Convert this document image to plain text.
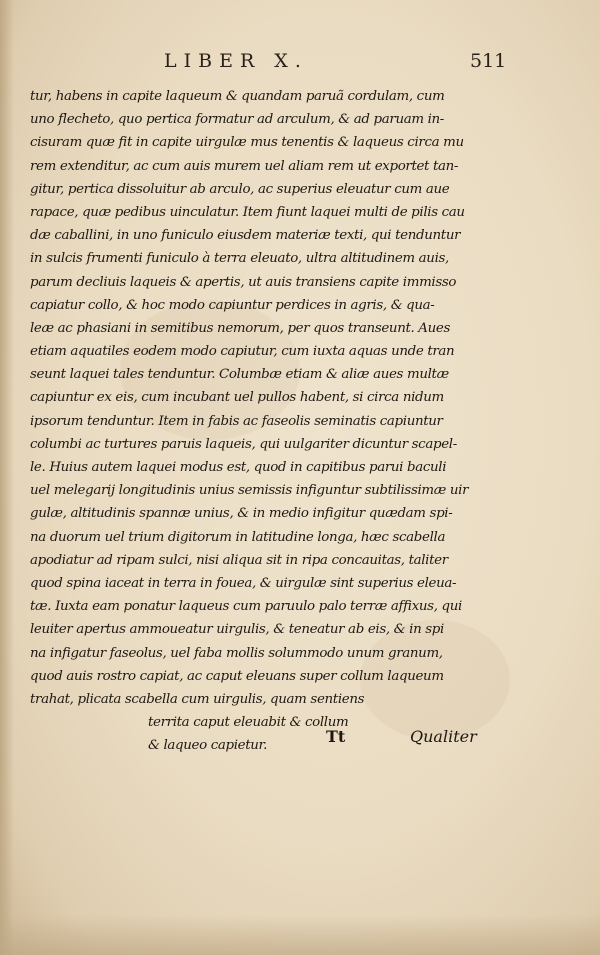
LIBER X.	511
tur, habens in capite laqueum & quandam paruã cordulam, cum
uno flecheto, quo pertica formatur ad arculum, & ad paruam in-
cisuram quæ fit in capite uirgulæ mus tenentis & laqueus circa mu
rem extenditur, ac cum auis murem uel aliam rem ut exportet tan-
gitur, pertica dissoluitur ab arculo, ac superius eleuatur cum aue
rapace, quæ pedibus uinculatur. Item fiunt laquei multi de pilis cau
dæ caballini, in uno funiculo eiusdem materiæ texti, qui tenduntur
in sulcis frumenti funiculo à terra eleuato, ultra altitudinem auis,
parum decliuis laqueis & apertis, ut auis transiens capite immisso
capiatur collo, & hoc modo capiuntur perdices in agris, & qua-
leæ ac phasiani in semitibus nemorum, per quos transeunt. Aues
etiam aquatiles eodem modo capiutur, cum iuxta aquas unde tran
seunt laquei tales tenduntur. Columbæ etiam & aliæ aues multæ
capiuntur ex eis, cum incubant uel pullos habent, si circa nidum
ipsorum tenduntur. Item in fabis ac faseolis seminatis capiuntur
columbi ac turtures paruis laqueis, qui uulgariter dicuntur scapel-
le. Huius autem laquei modus est, quod in capitibus parui baculi
uel melegarij longitudinis unius semissis infiguntur subtilissimæ uir
gulæ, altitudinis spannæ unius, & in medio infigitur quædam spi-
na duorum uel trium digitorum in latitudine longa, hæc scabella
apodiatur ad ripam sulci, nisi aliqua sit in ripa concauitas, taliter
quod spina iaceat in terra in fouea, & uirgulæ sint superius eleua-
tæ. Iuxta eam ponatur laqueus cum paruulo palo terræ affixus, qui
leuiter apertus ammoueatur uirgulis, & teneatur ab eis, & in spi
na infigatur faseolus, uel faba mollis solummodo unum granum,
quod auis rostro capiat, ac caput eleuans super collum laqueum
trahat, plicata scabella cum uirgulis, quam sentiens
territa caput eleuabit & collum
& laqueo capietur.	Tt	Qualiter
